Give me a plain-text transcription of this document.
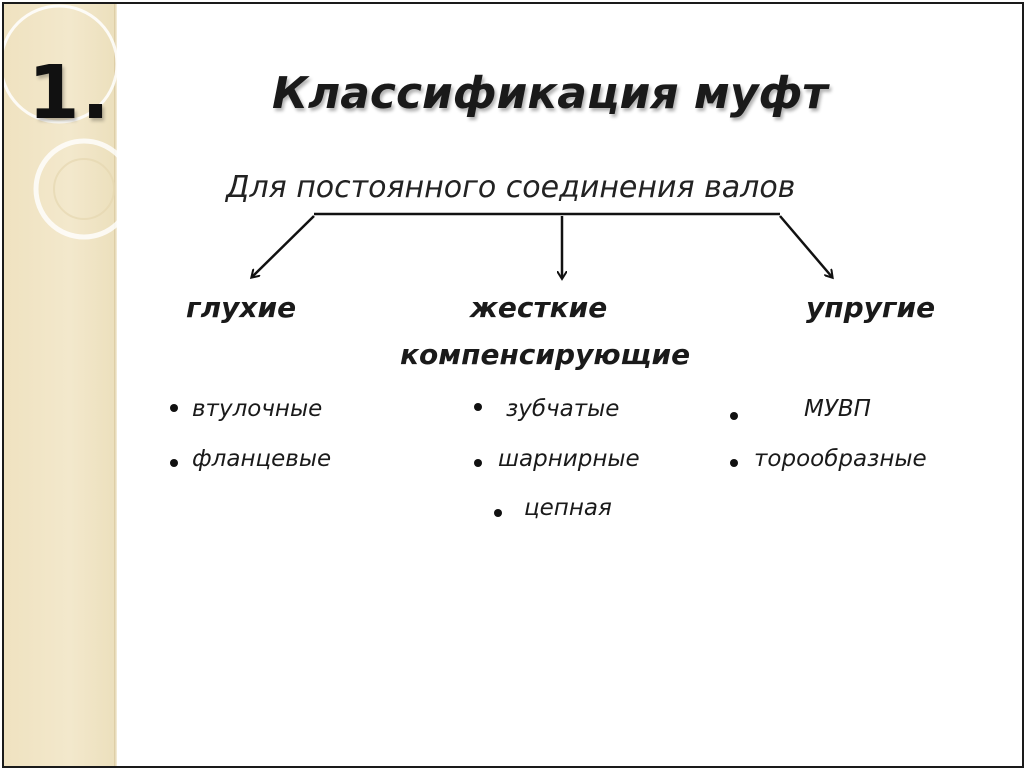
1.	Классификация муфт
Для постоянного соединения валов
глухие	жесткие
компенсирующие
упругие
втулочные
фланцевые
зубчатые
шарнирные
цепная
МУВП
торообразные
